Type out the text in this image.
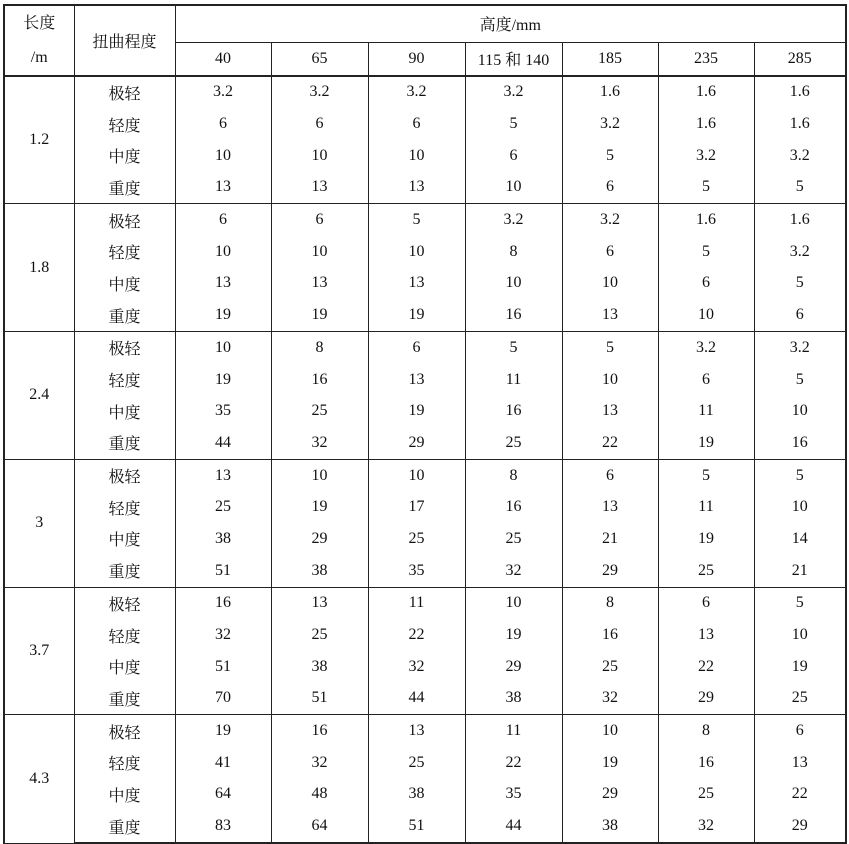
长度	扭曲程度	高度/mm						
/m		40	65	90	115 和 140	185	235	285
1.2	极轻	3.2	3.2	3.2	3.2	1.6	1.6	1.6
	轻度	6	6	6	5	3.2	1.6	1.6
	中度	10	10	10	6	5	3.2	3.2
	重度	13	13	13	10	6	5	5
1.8	极轻	6	6	5	3.2	3.2	1.6	1.6
	轻度	10	10	10	8	6	5	3.2
	中度	13	13	13	10	10	6	5
	重度	19	19	19	16	13	10	6
2.4	极轻	10	8	6	5	5	3.2	3.2
	轻度	19	16	13	11	10	6	5
	中度	35	25	19	16	13	11	10
	重度	44	32	29	25	22	19	16
3	极轻	13	10	10	8	6	5	5
	轻度	25	19	17	16	13	11	10
	中度	38	29	25	25	21	19	14
	重度	51	38	35	32	29	25	21
3.7	极轻	16	13	11	10	8	6	5
	轻度	32	25	22	19	16	13	10
	中度	51	38	32	29	25	22	19
	重度	70	51	44	38	32	29	25
4.3	极轻	19	16	13	11	10	8	6
	轻度	41	32	25	22	19	16	13
	中度	64	48	38	35	29	25	22
	重度	83	64	51	44	38	32	29
